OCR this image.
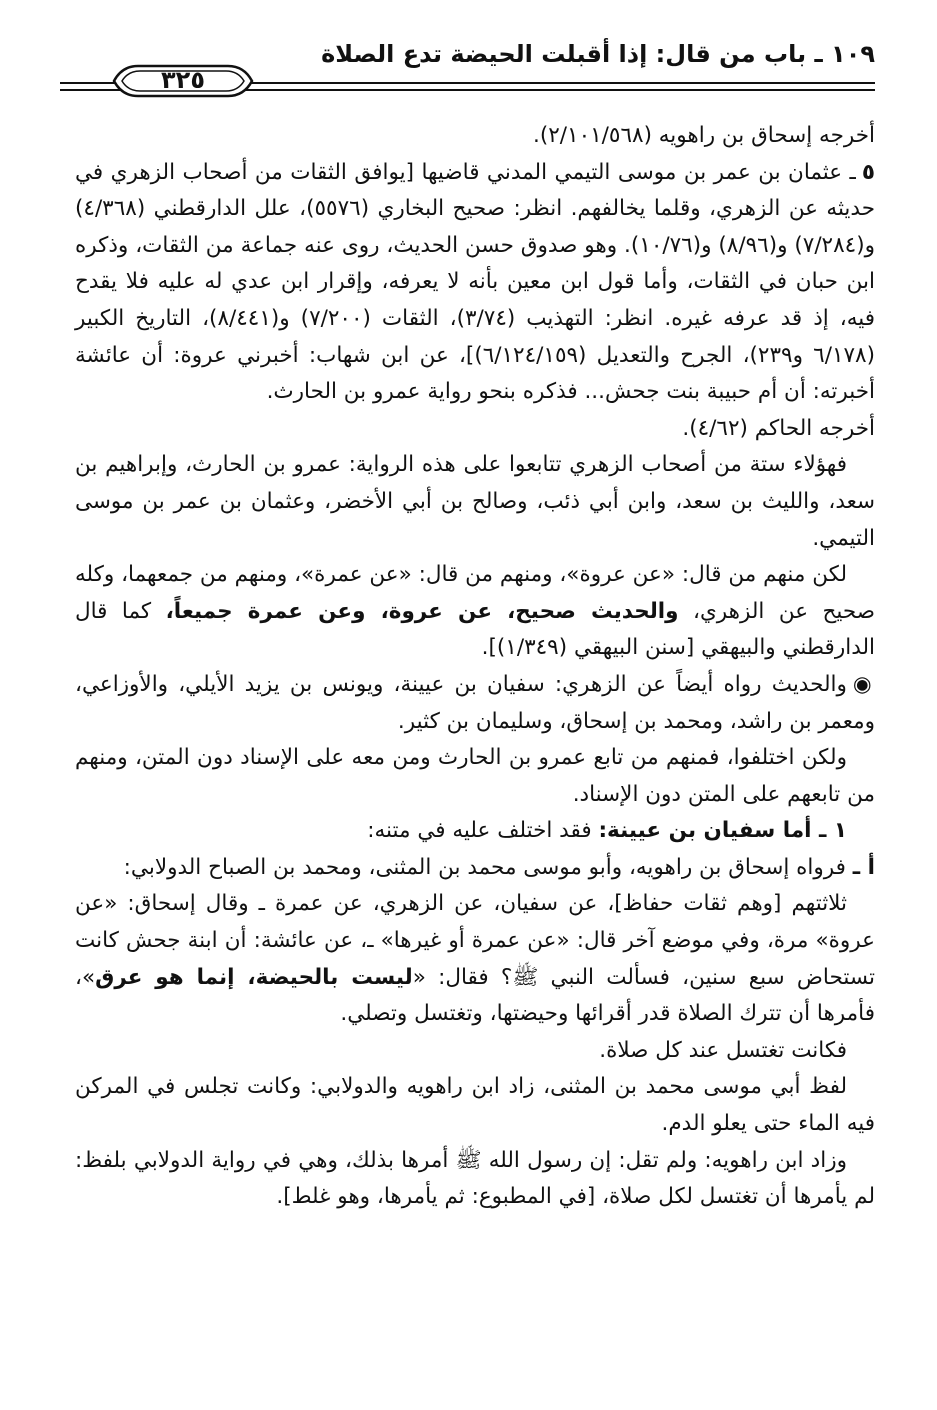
١٠٩ ـ باب من قال: إذا أقبلت الحيضة تدع الصلاة
٣٢٥

أخرجه إسحاق بن راهويه (٢/١٠١/٥٦٨).

٥ـ عثمان بن عمر بن موسى التيمي المدني قاضيها [يوافق الثقات من أصحاب الزهري في حديثه عن الزهري، وقلما يخالفهم. انظر: صحيح البخاري (٥٥٧٦)، علل الدارقطني (٤/٣٦٨) و(٧/٢٨٤) و(٨/٩٦) و(١٠/٧٦). وهو صدوق حسن الحديث، روى عنه جماعة من الثقات، وذكره ابن حبان في الثقات، وأما قول ابن معين بأنه لا يعرفه، وإقرار ابن عدي له عليه فلا يقدح فيه، إذ قد عرفه غيره. انظر: التهذيب (٣/٧٤)، الثقات (٧/٢٠٠) و(٨/٤٤١)، التاريخ الكبير (٦/١٧٨ و٢٣٩)، الجرح والتعديل (٦/١٢٤/١٥٩)]، عن ابن شهاب: أخبرني عروة: أن عائشة أخبرته: أن أم حبيبة بنت جحش... فذكره بنحو رواية عمرو بن الحارث.

أخرجه الحاكم (٤/٦٢).

فهؤلاء ستة من أصحاب الزهري تتابعوا على هذه الرواية: عمرو بن الحارث، وإبراهيم بن سعد، والليث بن سعد، وابن أبي ذئب، وصالح بن أبي الأخضر، وعثمان بن عمر بن موسى التيمي.

لكن منهم من قال: «عن عروة»، ومنهم من قال: «عن عمرة»، ومنهم من جمعهما، وكله صحيح عن الزهري، والحديث صحيح، عن عروة، وعن عمرة جميعاً، كما قال الدارقطني والبيهقي [سنن البيهقي (١/٣٤٩)].

◉والحديث رواه أيضاً عن الزهري: سفيان بن عيينة، ويونس بن يزيد الأيلي، والأوزاعي، ومعمر بن راشد، ومحمد بن إسحاق، وسليمان بن كثير.

ولكن اختلفوا، فمنهم من تابع عمرو بن الحارث ومن معه على الإسناد دون المتن، ومنهم من تابعهم على المتن دون الإسناد.

١ ـ أما سفيان بن عيينة: فقد اختلف عليه في متنه:

أ ـ فرواه إسحاق بن راهويه، وأبو موسى محمد بن المثنى، ومحمد بن الصباح الدولابي:

ثلاثتهم [وهم ثقات حفاظ]، عن سفيان، عن الزهري، عن عمرة ـ وقال إسحاق: «عن عروة» مرة، وفي موضع آخر قال: «عن عمرة أو غيرها» ـ، عن عائشة: أن ابنة جحش كانت تستحاض سبع سنين، فسألت النبي ﷺ؟ فقال: «ليست بالحيضة، إنما هو عرق»، فأمرها أن تترك الصلاة قدر أقرائها وحيضتها، وتغتسل وتصلي.

فكانت تغتسل عند كل صلاة.

لفظ أبي موسى محمد بن المثنى، زاد ابن راهويه والدولابي: وكانت تجلس في المركن فيه الماء حتى يعلو الدم.

وزاد ابن راهويه: ولم تقل: إن رسول الله ﷺ أمرها بذلك، وهي في رواية الدولابي بلفظ: لم يأمرها أن تغتسل لكل صلاة، [في المطبوع: ثم يأمرها، وهو غلط].
